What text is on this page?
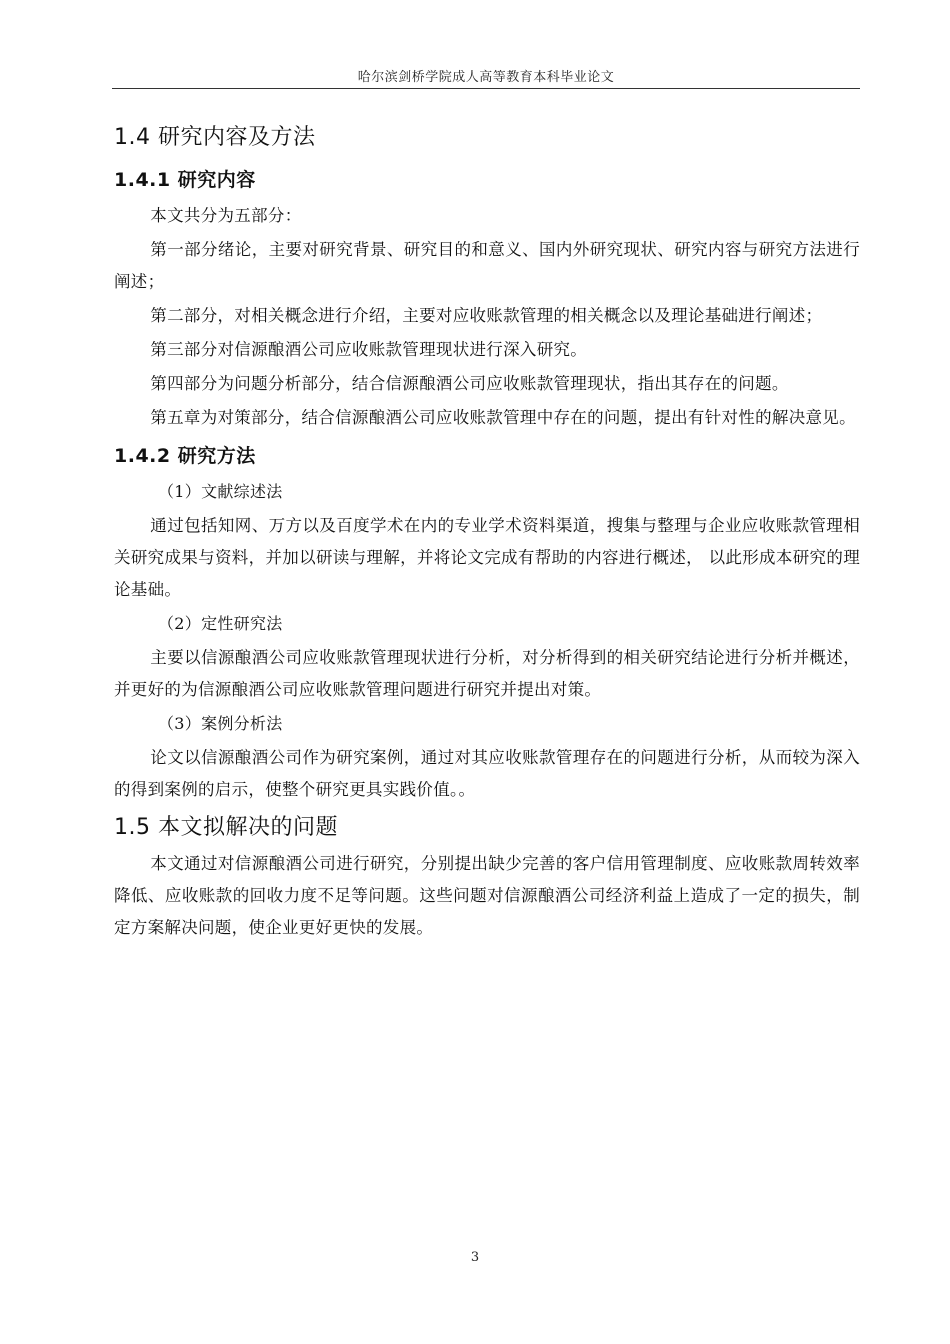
哈尔滨剑桥学院成人高等教育本科毕业论文
1.4 研究内容及方法
1.4.1 研究内容

本文共分为五部分：

第一部分绪论，主要对研究背景、研究目的和意义、国内外研究现状、研究内容与研究方法进行阐述；

第二部分，对相关概念进行介绍，主要对应收账款管理的相关概念以及理论基础进行阐述；

第三部分对信源酿酒公司应收账款管理现状进行深入研究。

第四部分为问题分析部分，结合信源酿酒公司应收账款管理现状，指出其存在的问题。

第五章为对策部分，结合信源酿酒公司应收账款管理中存在的问题，提出有针对性的解决意见。

1.4.2 研究方法

（1）文献综述法

通过包括知网、万方以及百度学术在内的专业学术资料渠道，搜集与整理与企业应收账款管理相关研究成果与资料，并加以研读与理解，并将论文完成有帮助的内容进行概述， 以此形成本研究的理论基础。

（2）定性研究法

主要以信源酿酒公司应收账款管理现状进行分析，对分析得到的相关研究结论进行分析并概述，并更好的为信源酿酒公司应收账款管理问题进行研究并提出对策。

（3）案例分析法

论文以信源酿酒公司作为研究案例，通过对其应收账款管理存在的问题进行分析，从而较为深入的得到案例的启示，使整个研究更具实践价值。。

1.5 本文拟解决的问题

本文通过对信源酿酒公司进行研究，分别提出缺少完善的客户信用管理制度、应收账款周转效率降低、应收账款的回收力度不足等问题。这些问题对信源酿酒公司经济利益上造成了一定的损失，制定方案解决问题，使企业更好更快的发展。

3
